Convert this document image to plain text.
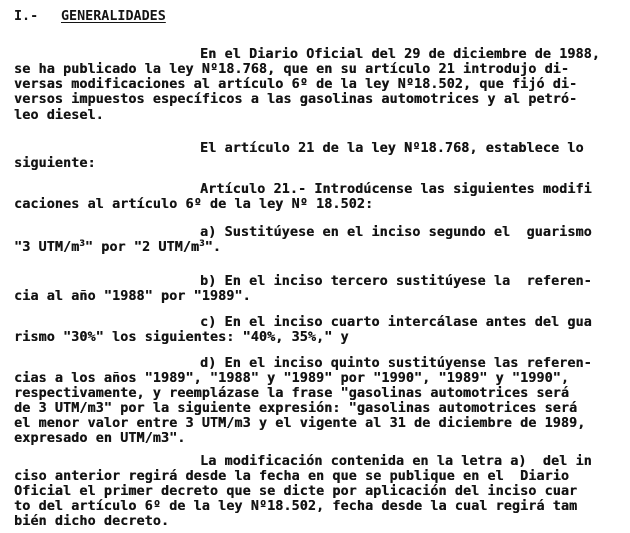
I.- GENERALIDADES
En el Diario Oficial del 29 de diciembre de 1988,
se ha publicado la ley Nº18.768, que en su artículo 21 introdujo di-
versas modificaciones al artículo 6º de la ley Nº18.502, que fijó di-
versos impuestos específicos a las gasolinas automotrices y al petró-
leo diesel.
El artículo 21 de la ley Nº18.768, establece lo
siguiente:
Artículo 21.- Introdúcense las siguientes modifi
caciones al artículo 6º de la ley Nº 18.502:
a) Sustitúyese en el inciso segundo el  guarismo
"3 UTM/$m^3$" por "2 UTM/$m^3$".
b) En el inciso tercero sustitúyese la  referen-
cia al año "1988" por "1989".
c) En el inciso cuarto intercálase antes del gua
rismo "30%" los siguientes: "40%, 35%," y
d) En el inciso quinto sustitúyense las referen-
cias a los años "1989", "1988" y "1989" por "1990", "1989" y "1990",
respectivamente, y reemplázase la frase "gasolinas automotrices será
de 3 UTM/m3" por la siguiente expresión: "gasolinas automotrices será
el menor valor entre 3 UTM/m3 y el vigente al 31 de diciembre de 1989,
expresado en UTM/m3".
La modificación contenida en la letra a)  del in
ciso anterior regirá desde la fecha en que se publique en el  Diario
Oficial el primer decreto que se dicte por aplicación del inciso cuar
to del artículo 6º de la ley Nº18.502, fecha desde la cual regirá tam
bién dicho decreto.
